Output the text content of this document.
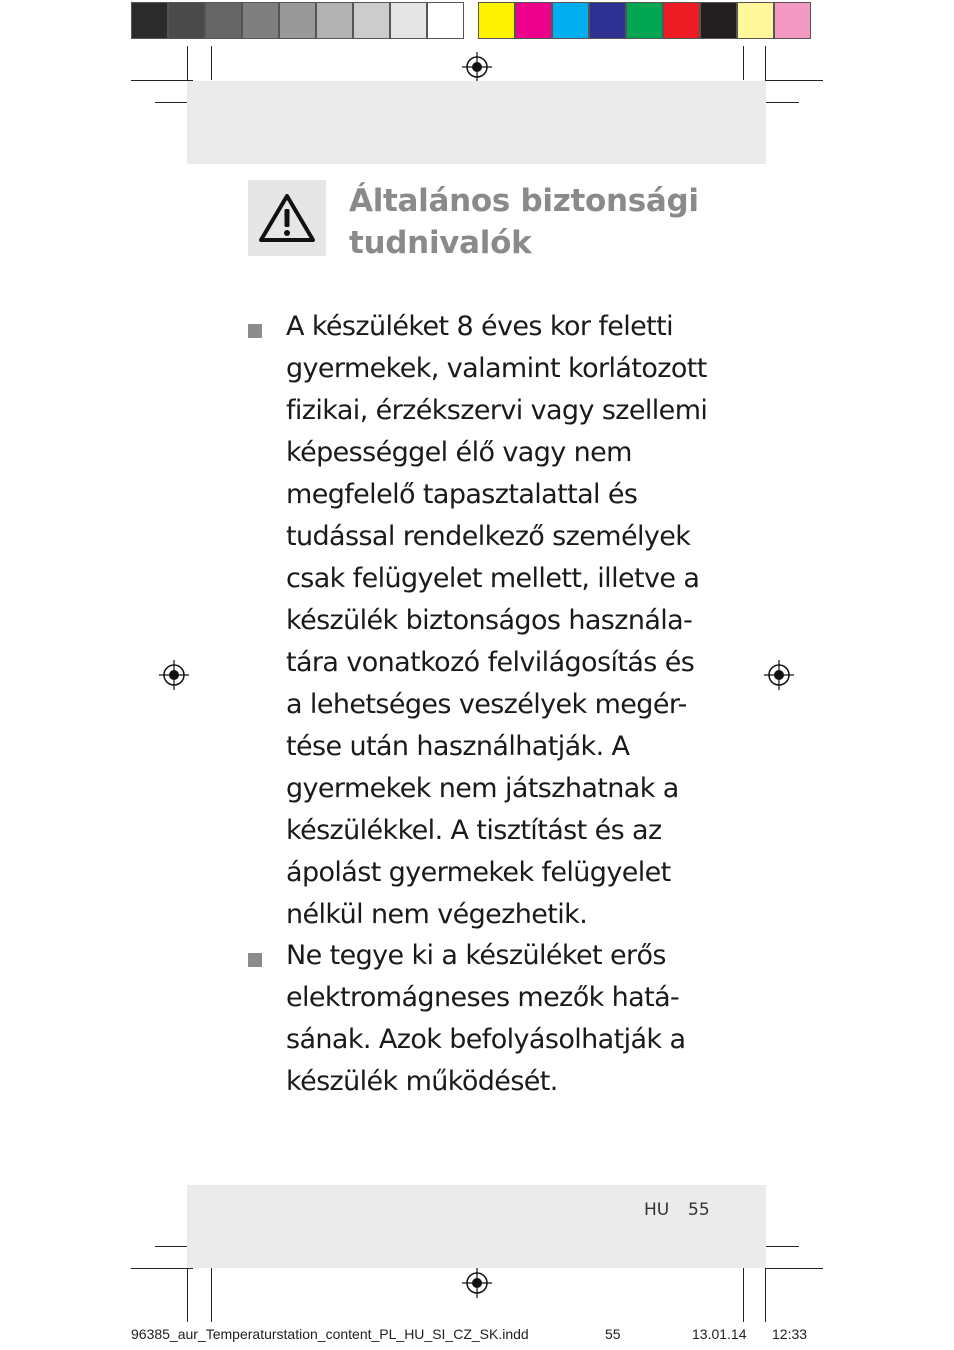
Általános biztonsági
tudnivalók
A készüléket 8 éves kor feletti
gyermekek, valamint korlátozott
fizikai, érzékszervi vagy szellemi
képességgel élő vagy nem
megfelelő tapasztalattal és
tudással rendelkező személyek
csak felügyelet mellett, illetve a
készülék biztonságos használa-
tára vonatkozó felvilágosítás és
a lehetséges veszélyek megér-
tése után használhatják. A
gyermekek nem játszhatnak a
készülékkel. A tisztítást és az
ápolást gyermekek felügyelet
nélkül nem végezhetik.
Ne tegye ki a készüléket erős
elektromágneses mezők hatá-
sának. Azok befolyásolhatják a
készülék működését.
HU 55
96385_aur_Temperaturstation_content_PL_HU_SI_CZ_SK.indd	55	13.01.14 12:33
